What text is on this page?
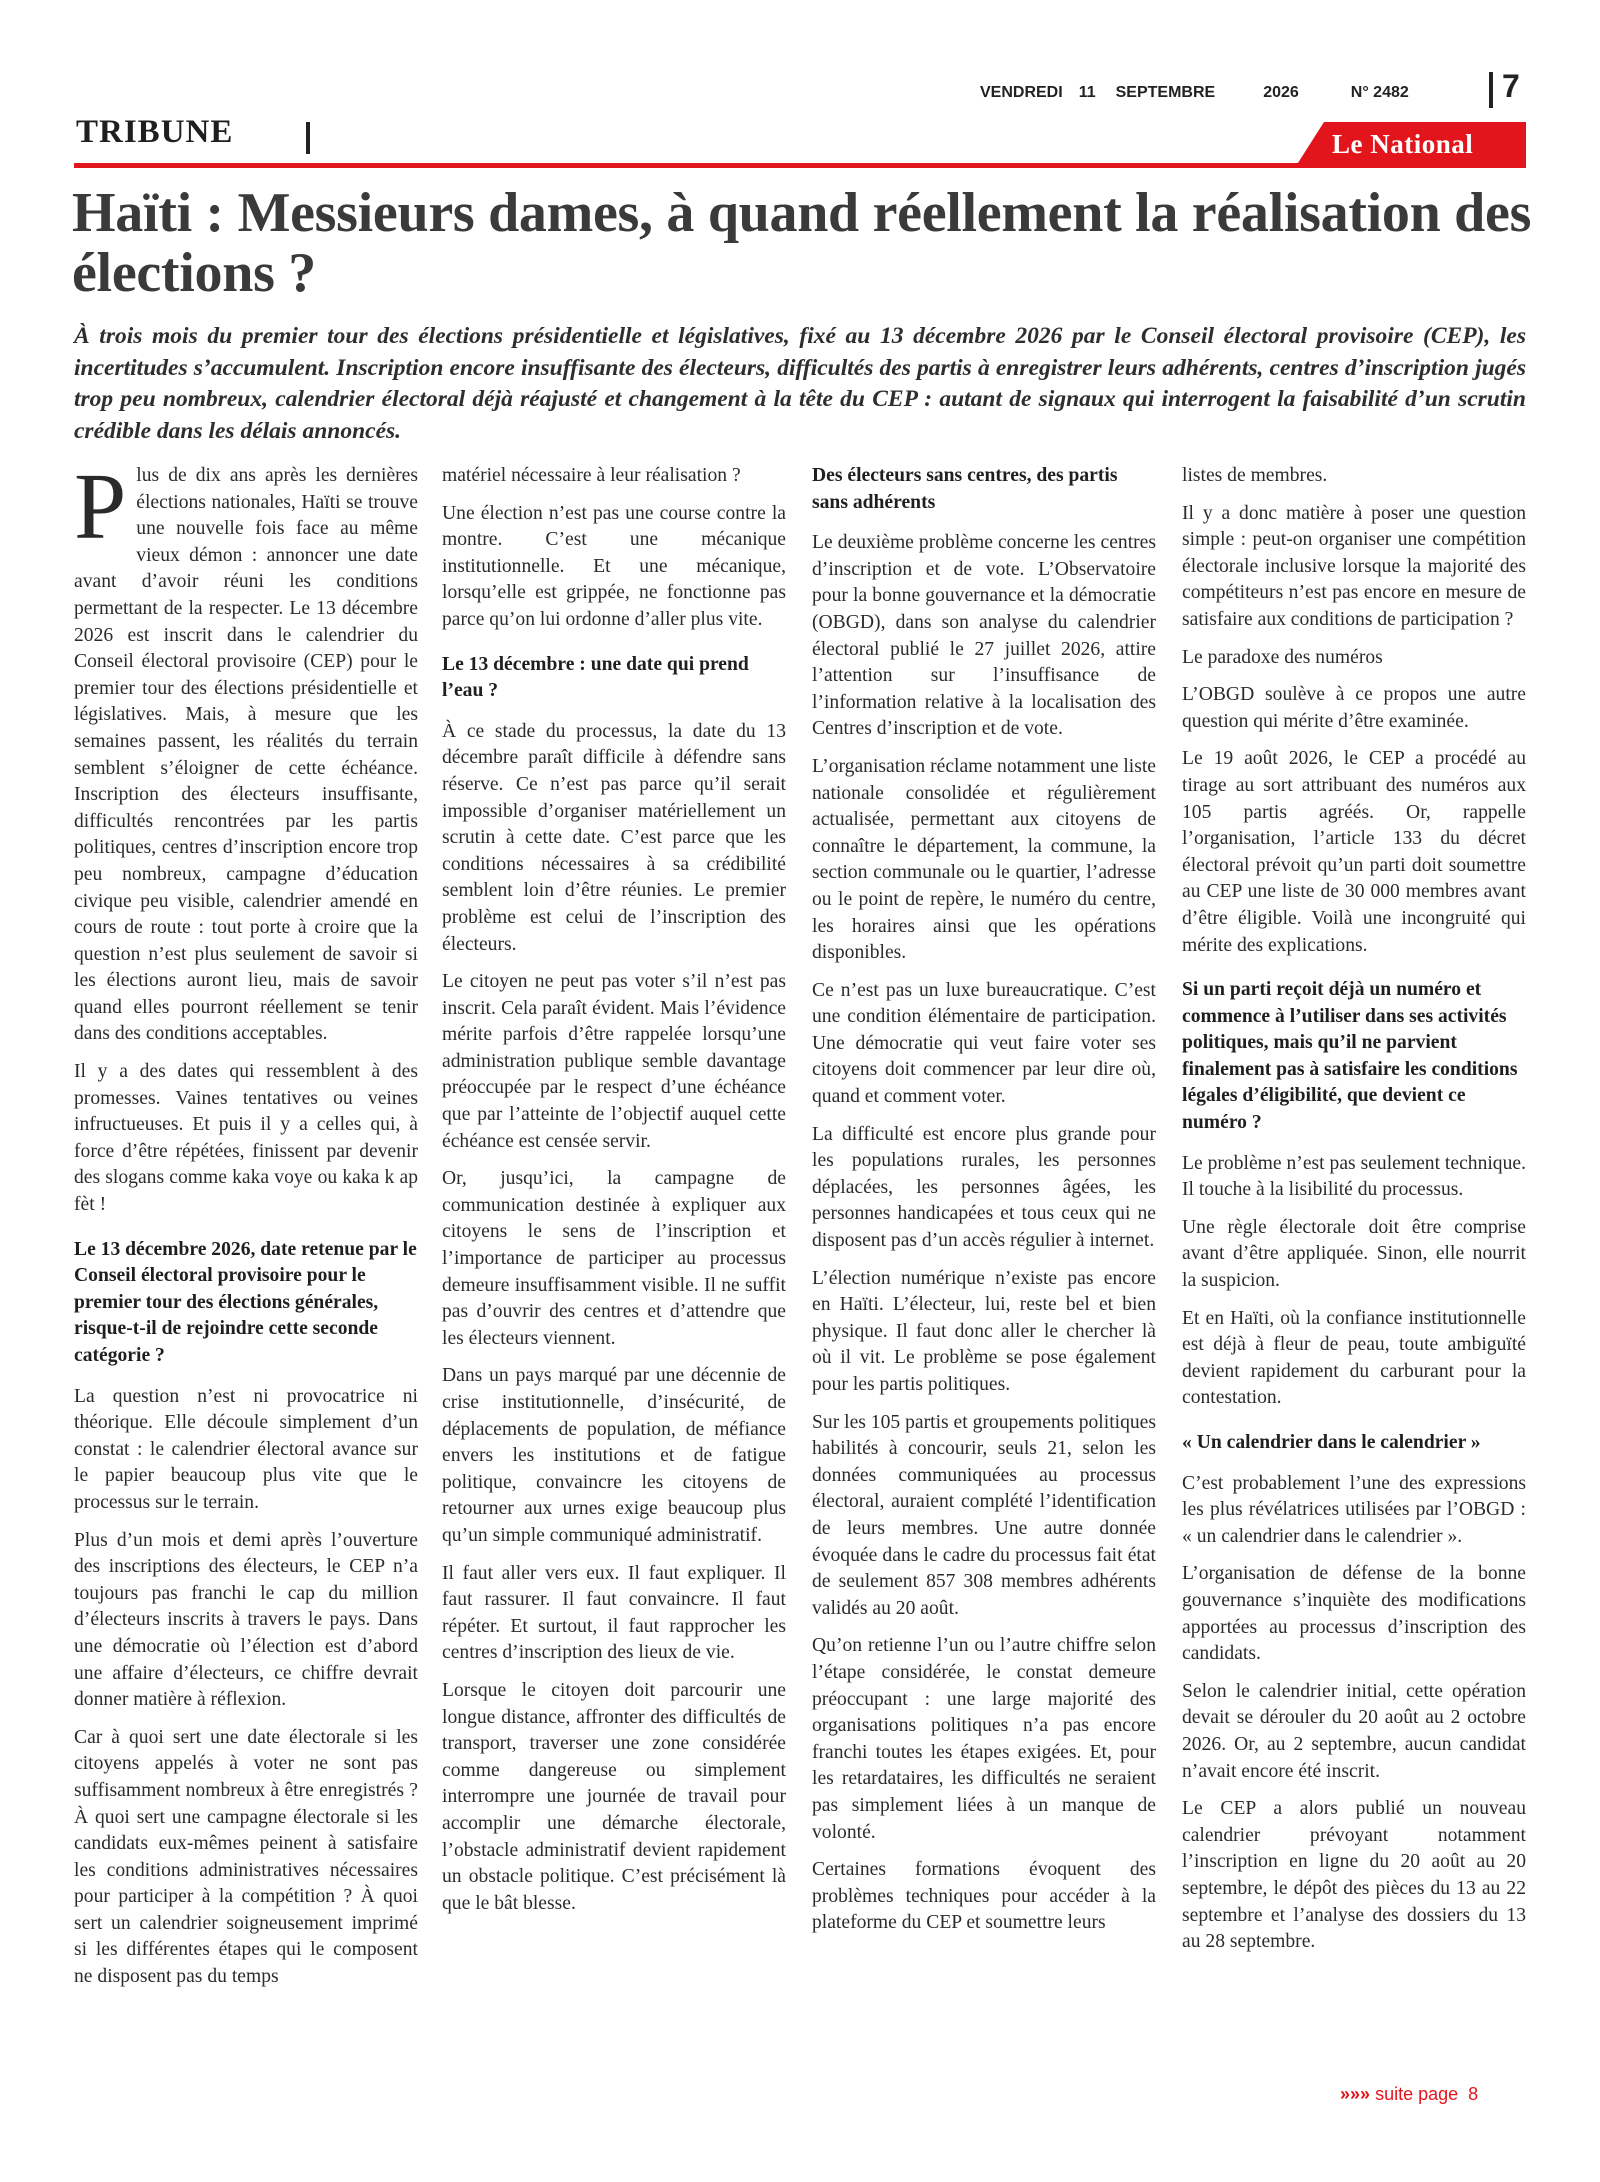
VENDREDI 11 SEPTEMBRE	2026	N° 2482	7
TRIBUNE	Le National
Haïti : Messieurs dames, à quand réellement la réalisation des élections ?

À trois mois du premier tour des élections présidentielle et législatives, fixé au 13 décembre 2026 par le Conseil électoral provisoire (CEP), les incertitudes s’accumulent. Inscription encore insuffisante des électeurs, difficultés des partis à enregistrer leurs adhérents, centres d’inscription jugés trop peu nombreux, calendrier électoral déjà réajusté et changement à la tête du CEP : autant de signaux qui interrogent la faisabilité d’un scrutin crédible dans les délais annoncés.

Plus de dix ans après les dernières élections nationales, Haïti se trouve une nouvelle fois face au même vieux démon : annoncer une date avant d’avoir réuni les conditions permettant de la respecter. Le 13 décembre 2026 est inscrit dans le calendrier du Conseil électoral provisoire (CEP) pour le premier tour des élections présidentielle et législatives. Mais, à mesure que les semaines passent, les réalités du terrain semblent s’éloigner de cette échéance. Inscription des électeurs insuffisante, difficultés rencontrées par les partis politiques, centres d’inscription encore trop peu nombreux, campagne d’éducation civique peu visible, calendrier amendé en cours de route : tout porte à croire que la question n’est plus seulement de savoir si les élections auront lieu, mais de savoir quand elles pourront réellement se tenir dans des conditions acceptables.

Il y a des dates qui ressemblent à des promesses. Vaines tentatives ou veines infructueuses. Et puis il y a celles qui, à force d’être répétées, finissent par devenir des slogans comme kaka voye ou kaka k ap fèt !

Le 13 décembre 2026, date retenue par le Conseil électoral provisoire pour le premier tour des élections générales, risque-t-il de rejoindre cette seconde catégorie ?

La question n’est ni provocatrice ni théorique. Elle découle simplement d’un constat : le calendrier électoral avance sur le papier beaucoup plus vite que le processus sur le terrain.

Plus d’un mois et demi après l’ouverture des inscriptions des électeurs, le CEP n’a toujours pas franchi le cap du million d’électeurs inscrits à travers le pays. Dans une démocratie où l’élection est d’abord une affaire d’électeurs, ce chiffre devrait donner matière à réflexion.

Car à quoi sert une date électorale si les citoyens appelés à voter ne sont pas suffisamment nombreux à être enregistrés ? À quoi sert une campagne électorale si les candidats eux-mêmes peinent à satisfaire les conditions administratives nécessaires pour participer à la compétition ? À quoi sert un calendrier soigneusement imprimé si les différentes étapes qui le composent ne disposent pas du temps

matériel nécessaire à leur réalisation ?

Une élection n’est pas une course contre la montre. C’est une mécanique institutionnelle. Et une mécanique, lorsqu’elle est grippée, ne fonctionne pas parce qu’on lui ordonne d’aller plus vite.

Le 13 décembre : une date qui prend l’eau ?

À ce stade du processus, la date du 13 décembre paraît difficile à défendre sans réserve. Ce n’est pas parce qu’il serait impossible d’organiser matériellement un scrutin à cette date. C’est parce que les conditions nécessaires à sa crédibilité semblent loin d’être réunies. Le premier problème est celui de l’inscription des électeurs.

Le citoyen ne peut pas voter s’il n’est pas inscrit. Cela paraît évident. Mais l’évidence mérite parfois d’être rappelée lorsqu’une administration publique semble davantage préoccupée par le respect d’une échéance que par l’atteinte de l’objectif auquel cette échéance est censée servir.

Or, jusqu’ici, la campagne de communication destinée à expliquer aux citoyens le sens de l’inscription et l’importance de participer au processus demeure insuffisamment visible. Il ne suffit pas d’ouvrir des centres et d’attendre que les électeurs viennent.

Dans un pays marqué par une décennie de crise institutionnelle, d’insécurité, de déplacements de population, de méfiance envers les institutions et de fatigue politique, convaincre les citoyens de retourner aux urnes exige beaucoup plus qu’un simple communiqué administratif.

Il faut aller vers eux. Il faut expliquer. Il faut rassurer. Il faut convaincre. Il faut répéter. Et surtout, il faut rapprocher les centres d’inscription des lieux de vie.

Lorsque le citoyen doit parcourir une longue distance, affronter des difficultés de transport, traverser une zone considérée comme dangereuse ou simplement interrompre une journée de travail pour accomplir une démarche électorale, l’obstacle administratif devient rapidement un obstacle politique. C’est précisément là que le bât blesse.

Des électeurs sans centres, des partis sans adhérents

Le deuxième problème concerne les centres d’inscription et de vote. L’Observatoire pour la bonne gouvernance et la démocratie (OBGD), dans son analyse du calendrier électoral publié le 27 juillet 2026, attire l’attention sur l’insuffisance de l’information relative à la localisation des Centres d’inscription et de vote.

L’organisation réclame notamment une liste nationale consolidée et régulièrement actualisée, permettant aux citoyens de connaître le département, la commune, la section communale ou le quartier, l’adresse ou le point de repère, le numéro du centre, les horaires ainsi que les opérations disponibles.

Ce n’est pas un luxe bureaucratique. C’est une condition élémentaire de participation. Une démocratie qui veut faire voter ses citoyens doit commencer par leur dire où, quand et comment voter.

La difficulté est encore plus grande pour les populations rurales, les personnes déplacées, les personnes âgées, les personnes handicapées et tous ceux qui ne disposent pas d’un accès régulier à internet.

L’élection numérique n’existe pas encore en Haïti. L’électeur, lui, reste bel et bien physique. Il faut donc aller le chercher là où il vit. Le problème se pose également pour les partis politiques.

Sur les 105 partis et groupements politiques habilités à concourir, seuls 21, selon les données communiquées au processus électoral, auraient complété l’identification de leurs membres. Une autre donnée évoquée dans le cadre du processus fait état de seulement 857 308 membres adhérents validés au 20 août.

Qu’on retienne l’un ou l’autre chiffre selon l’étape considérée, le constat demeure préoccupant : une large majorité des organisations politiques n’a pas encore franchi toutes les étapes exigées. Et, pour les retardataires, les difficultés ne seraient pas simplement liées à un manque de volonté.

Certaines formations évoquent des problèmes techniques pour accéder à la plateforme du CEP et soumettre leurs

listes de membres.

Il y a donc matière à poser une question simple : peut-on organiser une compétition électorale inclusive lorsque la majorité des compétiteurs n’est pas encore en mesure de satisfaire aux conditions de participation ?

Le paradoxe des numéros

L’OBGD soulève à ce propos une autre question qui mérite d’être examinée.

Le 19 août 2026, le CEP a procédé au tirage au sort attribuant des numéros aux 105 partis agréés. Or, rappelle l’organisation, l’article 133 du décret électoral prévoit qu’un parti doit soumettre au CEP une liste de 30 000 membres avant d’être éligible. Voilà une incongruité qui mérite des explications.

Si un parti reçoit déjà un numéro et commence à l’utiliser dans ses activités politiques, mais qu’il ne parvient finalement pas à satisfaire les conditions légales d’éligibilité, que devient ce numéro ?

Le problème n’est pas seulement technique. Il touche à la lisibilité du processus.

Une règle électorale doit être comprise avant d’être appliquée. Sinon, elle nourrit la suspicion.

Et en Haïti, où la confiance institutionnelle est déjà à fleur de peau, toute ambiguïté devient rapidement du carburant pour la contestation.

« Un calendrier dans le calendrier »

C’est probablement l’une des expressions les plus révélatrices utilisées par l’OBGD : « un calendrier dans le calendrier ».

L’organisation de défense de la bonne gouvernance s’inquiète des modifications apportées au processus d’inscription des candidats.

Selon le calendrier initial, cette opération devait se dérouler du 20 août au 2 octobre 2026. Or, au 2 septembre, aucun candidat n’avait encore été inscrit.

Le CEP a alors publié un nouveau calendrier prévoyant notamment l’inscription en ligne du 20 août au 20 septembre, le dépôt des pièces du 13 au 22 septembre et l’analyse des dossiers du 13 au 28 septembre.

»»» suite page 8
